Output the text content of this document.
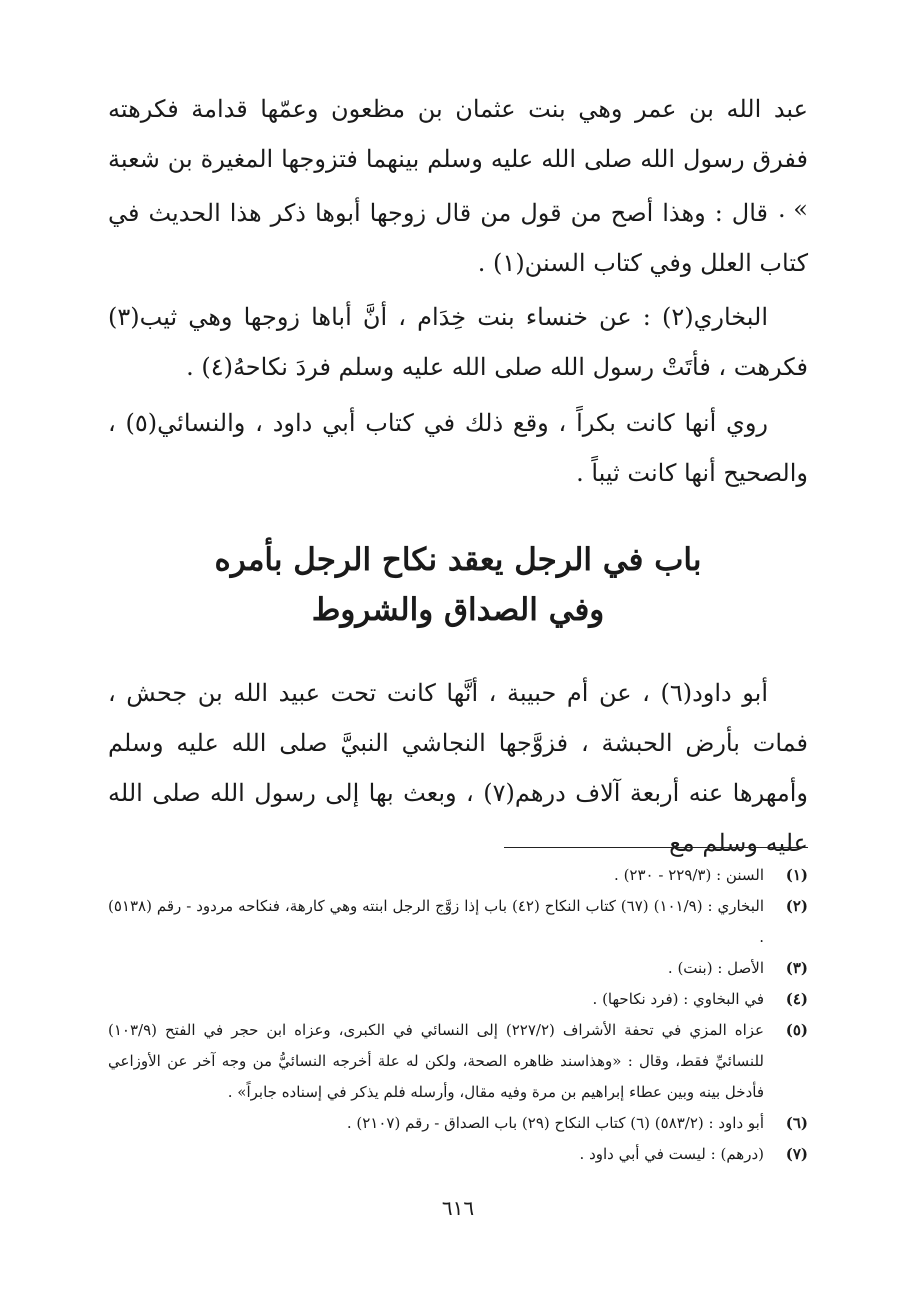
عبد الله بن عمر وهي بنت عثمان بن مظعون وعمّها قدامة فكرهته ففرق رسول الله صلى الله عليه وسلم بينهما فتزوجها المغيرة بن شعبة » .

قال : وهذا أصح من قول من قال زوجها أبوها ذكر هذا الحديث في كتاب العلل وفي كتاب السنن(١) .

البخاري(٢) : عن خنساء بنت خِدَام ، أنَّ أباها زوجها وهي ثيب(٣) فكرهت ، فأتَتْ رسول الله صلى الله عليه وسلم فردَ نكاحهُ(٤) .

روي أنها كانت بكراً ، وقع ذلك في كتاب أبي داود ، والنسائي(٥) ، والصحيح أنها كانت ثيباً .

باب في الرجل يعقد نكاح الرجل بأمره
وفي الصداق والشروط

أبو داود(٦) ، عن أم حبيبة ، أنَّها كانت تحت عبيد الله بن جحش ، فمات بأرض الحبشة ، فزوَّجها النجاشي النبيَّ صلى الله عليه وسلم وأمهرها عنه أربعة آلاف درهم(٧) ، وبعث بها إلى رسول الله صلى الله عليه وسلم مع

(١)
السنن : (٢٢٩/٣ - ٢٣٠) .
(٢)
البخاري : (١٠١/٩) (٦٧) كتاب النكاح (٤٢) باب إذا زوَّج الرجل ابنته وهي كارهة، فنكاحه مردود - رقم (٥١٣٨) .
(٣)
الأصل : (بنت) .
(٤)
في البخاوي : (فرد نكاحها) .
(٥)
عزاه المزي في تحفة الأشراف (٢٢٧/٢) إلى النسائي في الكبرى، وعزاه ابن حجر في الفتح (١٠٣/٩) للنسائيِّ فقط، وقال : «وهذاسند ظاهره الصحة، ولكن له علة أخرجه النسائيُّ من وجه آخر عن الأوزاعي فأدخل بينه وبين عطاء إبراهيم بن مرة وفيه مقال، وأرسله فلم يذكر في إسناده جابراً» .
(٦)
أبو داود : (٥٨٣/٢) (٦) كتاب النكاح (٢٩) باب الصداق - رقم (٢١٠٧) .
(٧)
(درهم) : ليست في أبي داود .
٦١٦
